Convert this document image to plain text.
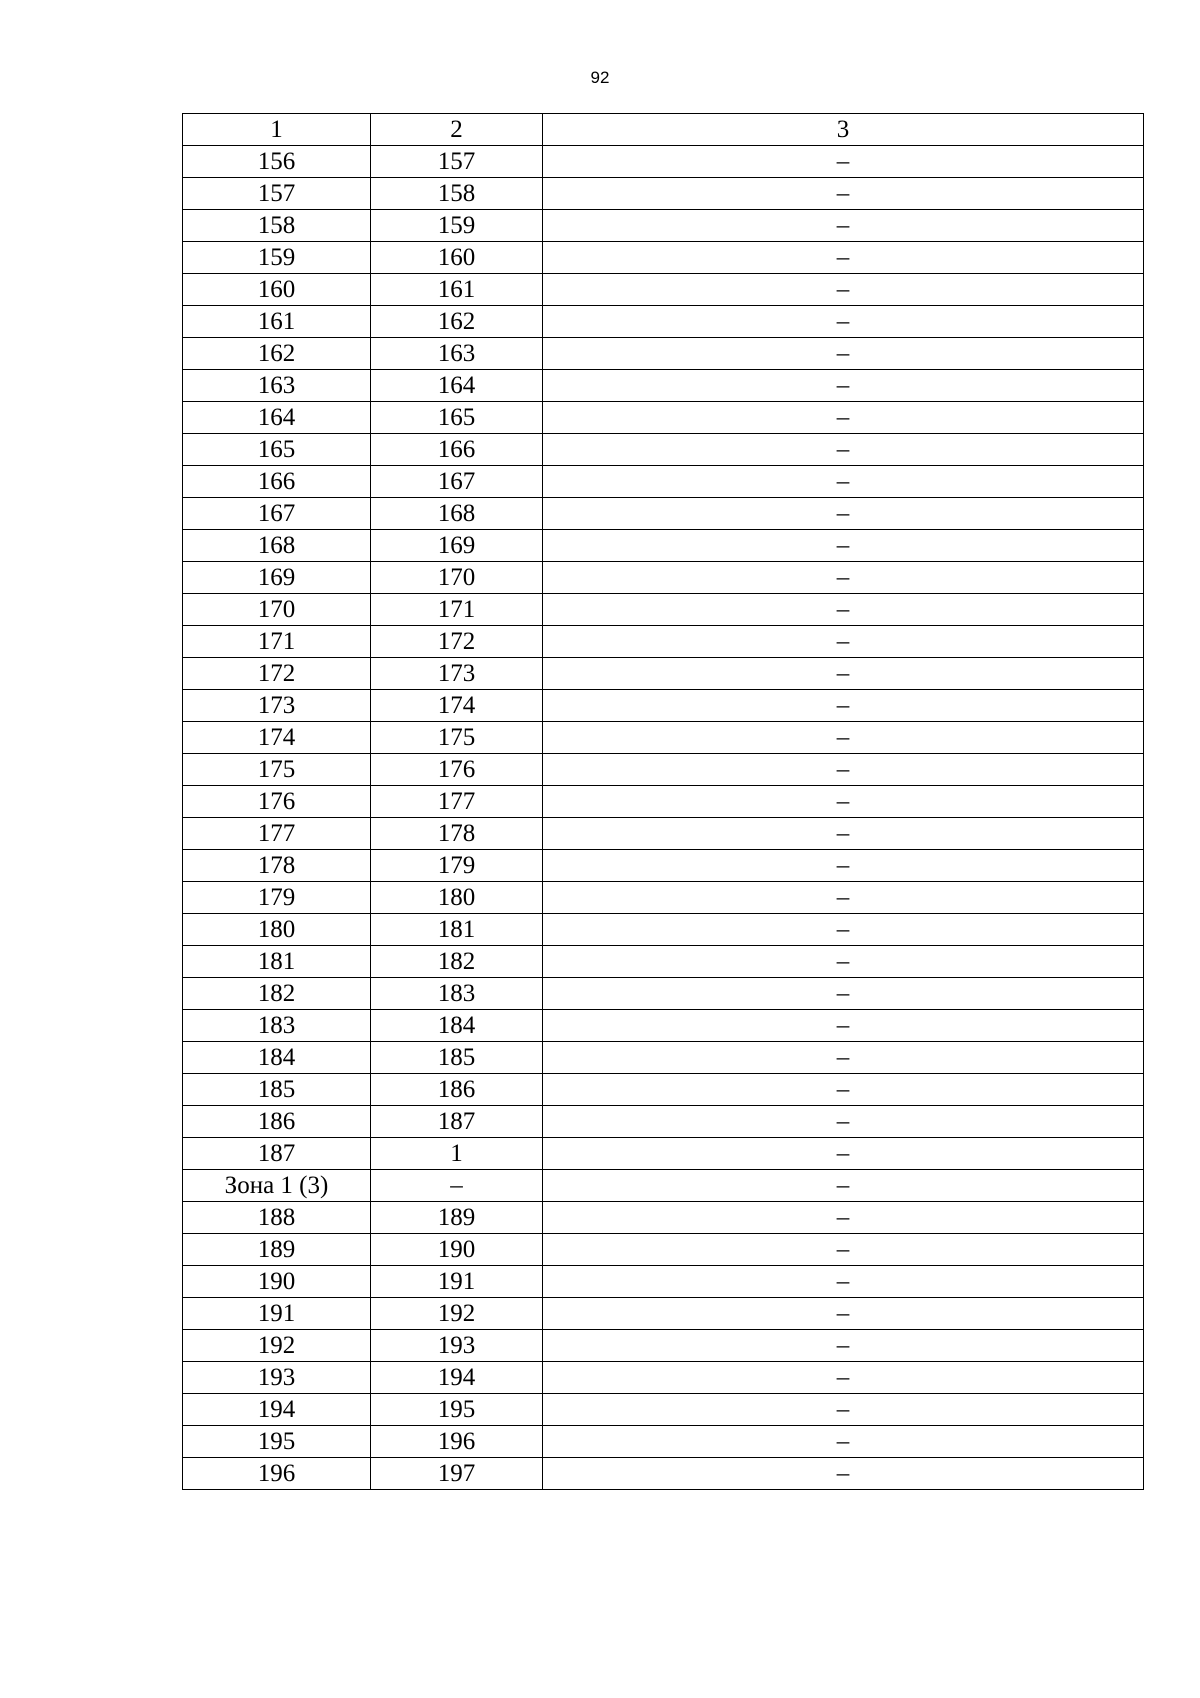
92
1	2	3
156	157	–
157	158	–
158	159	–
159	160	–
160	161	–
161	162	–
162	163	–
163	164	–
164	165	–
165	166	–
166	167	–
167	168	–
168	169	–
169	170	–
170	171	–
171	172	–
172	173	–
173	174	–
174	175	–
175	176	–
176	177	–
177	178	–
178	179	–
179	180	–
180	181	–
181	182	–
182	183	–
183	184	–
184	185	–
185	186	–
186	187	–
187	1	–
Зона 1 (3)	–	–
188	189	–
189	190	–
190	191	–
191	192	–
192	193	–
193	194	–
194	195	–
195	196	–
196	197	–
